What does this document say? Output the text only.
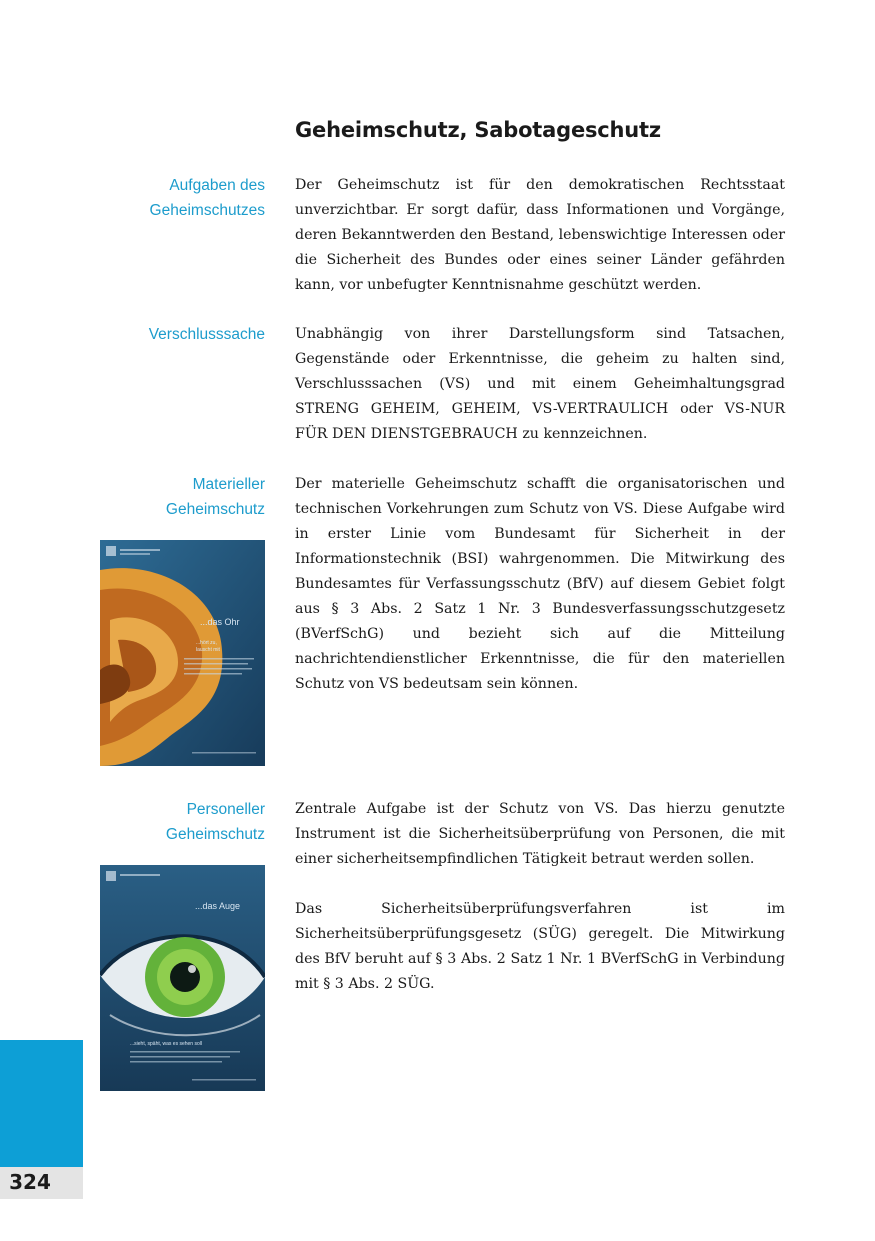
Geheimschutz, Sabotageschutz
Aufgaben des
Geheimschutzes

Der Geheimschutz ist für den demokratischen Rechtsstaat unverzichtbar. Er sorgt dafür, dass Informationen und Vorgänge, deren Bekanntwerden den Bestand, lebenswichtige Interessen oder die Sicherheit des Bundes oder eines seiner Länder gefährden kann, vor unbefugter Kenntnisnahme geschützt werden.

Verschlusssache Unabhängig von ihrer Darstellungsform sind Tatsachen, Gegenstände oder Erkenntnisse, die geheim zu halten sind, Verschlusssachen (VS) und mit einem Geheimhaltungsgrad STRENG GEHEIM, GEHEIM, VS-VERTRAULICH oder VS-NUR FÜR DEN DIENSTGEBRAUCH zu kennzeichnen.

Materieller
Geheimschutz

Der materielle Geheimschutz schafft die organisatorischen und technischen Vorkehrungen zum Schutz von VS. Diese Aufgabe wird in erster Linie vom Bundesamt für Sicherheit in der Informationstechnik (BSI) wahrgenommen. Die Mitwirkung des Bundesamtes für Verfassungsschutz (BfV) auf diesem Gebiet folgt aus § 3 Abs. 2 Satz 1 Nr. 3 Bundesverfassungsschutzgesetz (BVerfSchG) und bezieht sich auf die Mitteilung nachrichtendienstlicher Erkenntnisse, die für den materiellen Schutz von VS bedeutsam sein können.

...das Ohr
...hört zu,
lauscht mit
Personeller
Geheimschutz

Zentrale Aufgabe ist der Schutz von VS. Das hierzu genutzte Instrument ist die Sicherheitsüberprüfung von Personen, die mit einer sicherheitsempfindlichen Tätigkeit betraut werden sollen.

Das Sicherheitsüberprüfungsverfahren ist im Sicherheitsüberprüfungsgesetz (SÜG) geregelt. Die Mitwirkung des BfV beruht auf § 3 Abs. 2 Satz 1 Nr. 1 BVerfSchG in Verbindung mit § 3 Abs. 2 SÜG.

...das Auge
...sieht, späht, was es sehen soll
324
